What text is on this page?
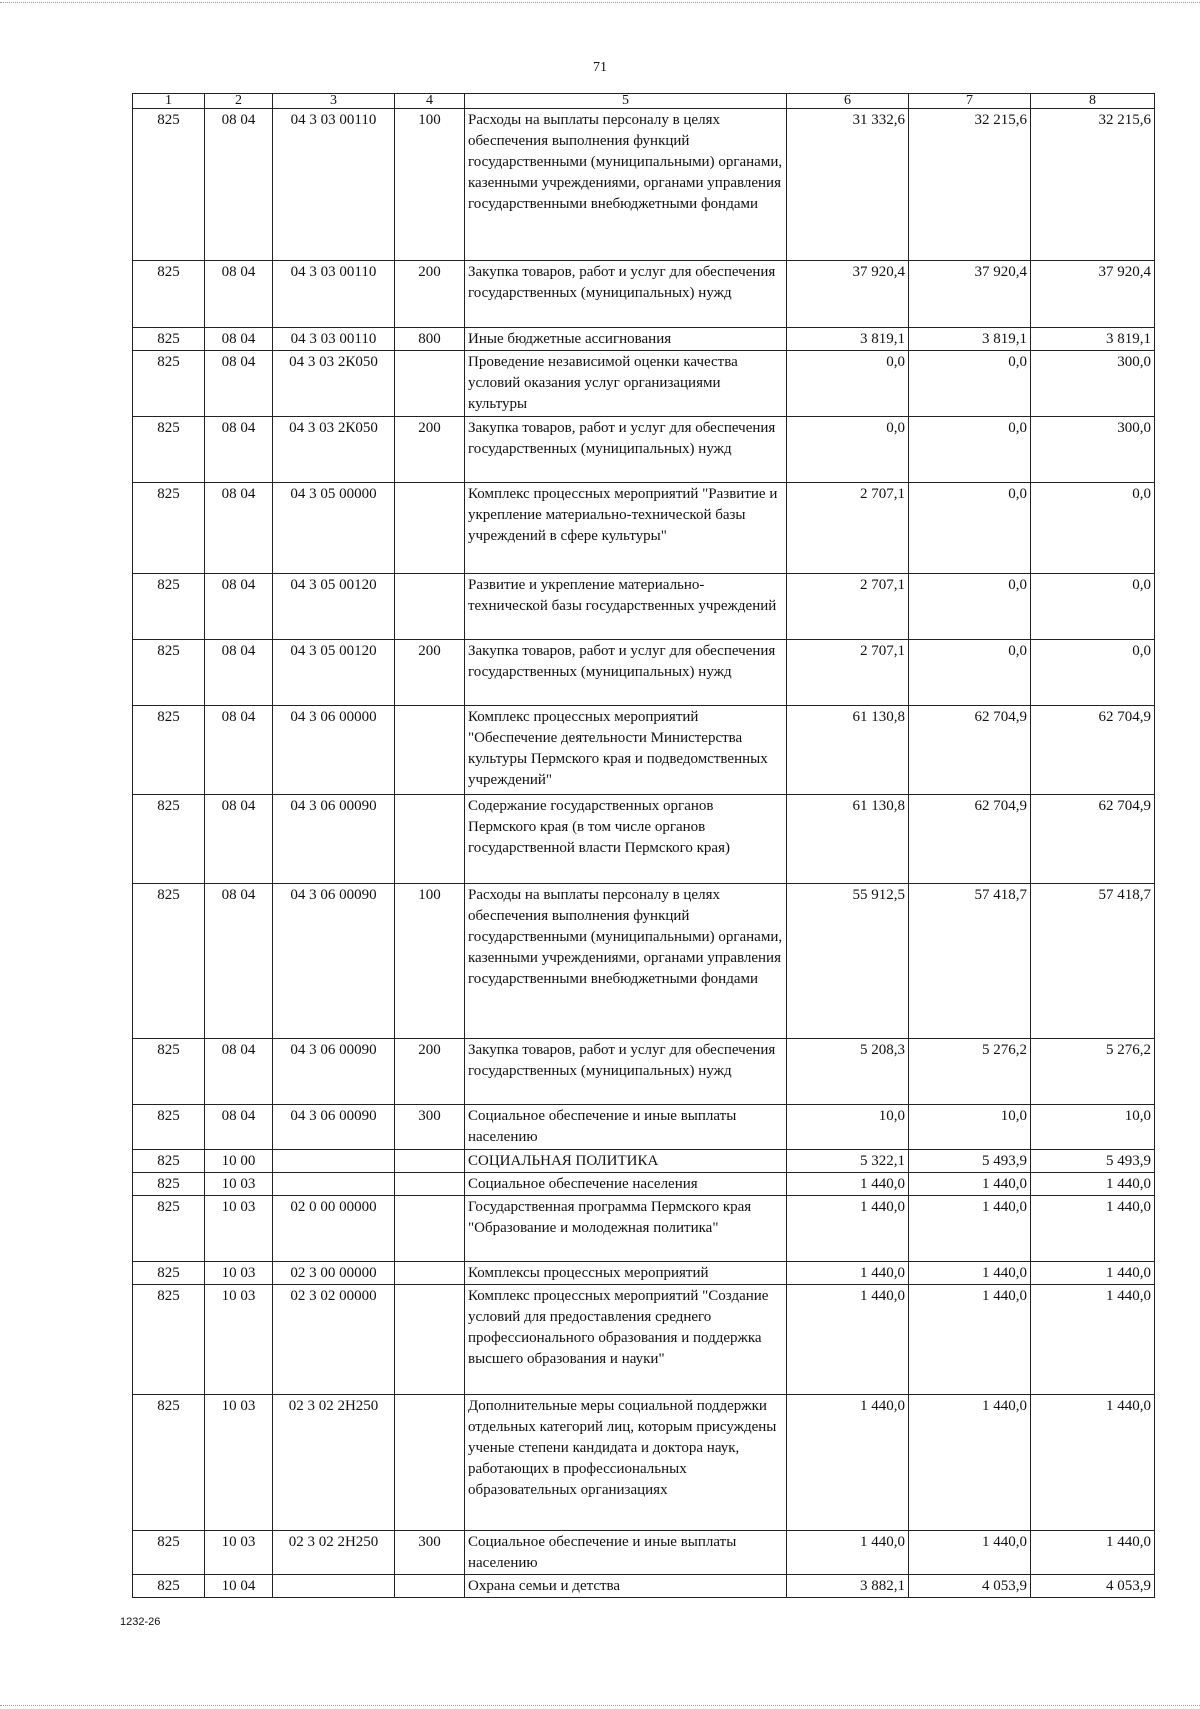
71
1	2	3	4	5	6	7	8
825	08 04	04 3 03 00110	100	Расходы на выплаты персоналу в целях обеспечения выполнения функций государственными (муниципальными) органами, казенными учреждениями, органами управления государственными внебюджетными фондами	31 332,6	32 215,6	32 215,6
825	08 04	04 3 03 00110	200	Закупка товаров, работ и услуг для обеспечения государственных (муниципальных) нужд	37 920,4	37 920,4	37 920,4
825	08 04	04 3 03 00110	800	Иные бюджетные ассигнования	3 819,1	3 819,1	3 819,1
825	08 04	04 3 03 2К050		Проведение независимой оценки качества условий оказания услуг организациями культуры	0,0	0,0	300,0
825	08 04	04 3 03 2К050	200	Закупка товаров, работ и услуг для обеспечения государственных (муниципальных) нужд	0,0	0,0	300,0
825	08 04	04 3 05 00000		Комплекс процессных мероприятий "Развитие и укрепление материально-технической базы учреждений в сфере культуры"	2 707,1	0,0	0,0
825	08 04	04 3 05 00120		Развитие и укрепление материально-технической базы государственных учреждений	2 707,1	0,0	0,0
825	08 04	04 3 05 00120	200	Закупка товаров, работ и услуг для обеспечения государственных (муниципальных) нужд	2 707,1	0,0	0,0
825	08 04	04 3 06 00000		Комплекс процессных мероприятий "Обеспечение деятельности Министерства культуры Пермского края и подведомственных учреждений"	61 130,8	62 704,9	62 704,9
825	08 04	04 3 06 00090		Содержание государственных органов Пермского края (в том числе органов государственной власти Пермского края)	61 130,8	62 704,9	62 704,9
825	08 04	04 3 06 00090	100	Расходы на выплаты персоналу в целях обеспечения выполнения функций государственными (муниципальными) органами, казенными учреждениями, органами управления государственными внебюджетными фондами	55 912,5	57 418,7	57 418,7
825	08 04	04 3 06 00090	200	Закупка товаров, работ и услуг для обеспечения государственных (муниципальных) нужд	5 208,3	5 276,2	5 276,2
825	08 04	04 3 06 00090	300	Социальное обеспечение и иные выплаты населению	10,0	10,0	10,0
825	10 00			СОЦИАЛЬНАЯ ПОЛИТИКА	5 322,1	5 493,9	5 493,9
825	10 03			Социальное обеспечение населения	1 440,0	1 440,0	1 440,0
825	10 03	02 0 00 00000		Государственная программа Пермского края "Образование и молодежная политика"	1 440,0	1 440,0	1 440,0
825	10 03	02 3 00 00000		Комплексы процессных мероприятий	1 440,0	1 440,0	1 440,0
825	10 03	02 3 02 00000		Комплекс процессных мероприятий "Создание условий для предоставления среднего профессионального образования и поддержка высшего образования и науки"	1 440,0	1 440,0	1 440,0
825	10 03	02 3 02 2Н250		Дополнительные меры социальной поддержки отдельных категорий лиц, которым присуждены ученые степени кандидата и доктора наук, работающих в профессиональных образовательных организациях	1 440,0	1 440,0	1 440,0
825	10 03	02 3 02 2Н250	300	Социальное обеспечение и иные выплаты населению	1 440,0	1 440,0	1 440,0
825	10 04			Охрана семьи и детства	3 882,1	4 053,9	4 053,9
1232-26
